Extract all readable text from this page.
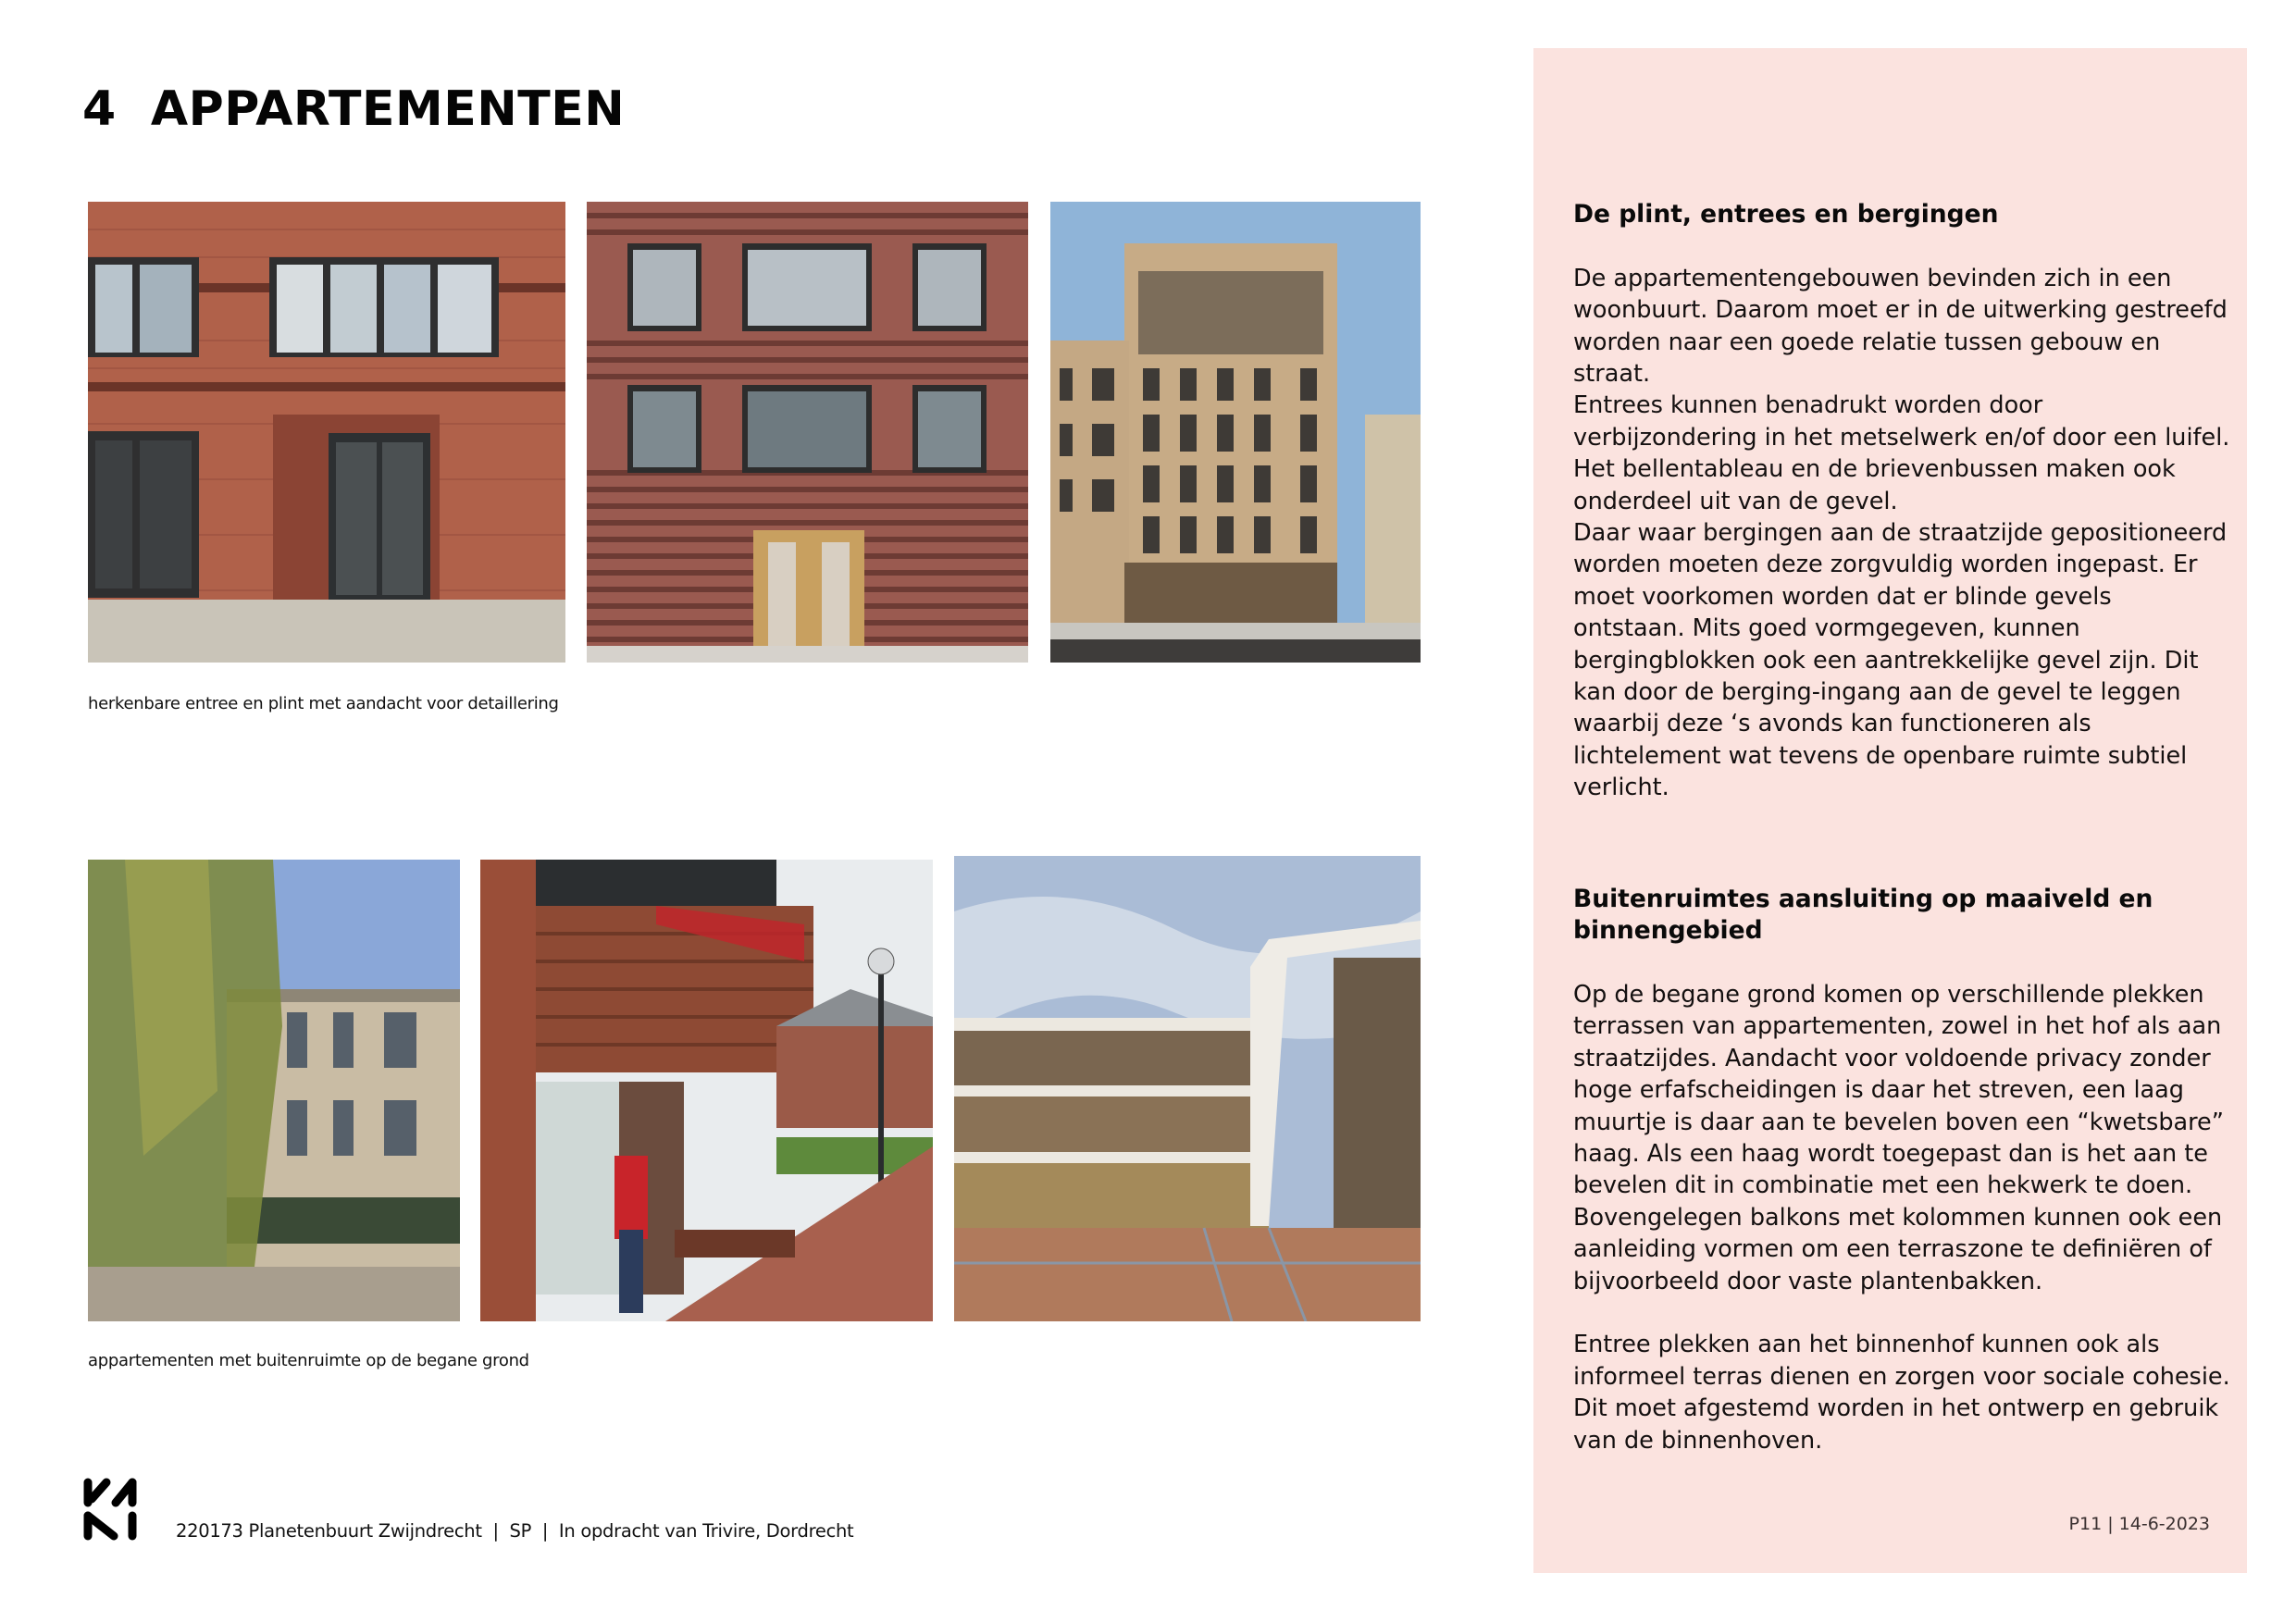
4  APPARTEMENTEN
herkenbare entree en plint met aandacht voor detaillering
appartementen met buitenruimte op de begane grond
De plint, entrees en bergingen

De appartementengebouwen bevinden zich in een woonbuurt. Daarom moet er in de uitwerking gestreefd worden naar een goede relatie tussen gebouw en straat.

Entrees kunnen benadrukt worden door verbijzondering in het metselwerk en/of door een luifel. Het bellentableau en de brievenbussen maken ook onderdeel uit van de gevel.

Daar waar bergingen aan de straatzijde gepositioneerd worden moeten deze zorgvuldig worden ingepast. Er moet voorkomen worden dat er blinde gevels ontstaan. Mits goed vormgegeven, kunnen bergingblokken ook een aantrekkelijke gevel zijn. Dit kan door de berging-ingang aan de gevel te leggen waarbij deze ‘s avonds kan functioneren als lichtelement wat tevens de openbare ruimte subtiel verlicht.

Buitenruimtes aansluiting op maaiveld en binnengebied

Op de begane grond komen op verschillende plekken terrassen van appartementen, zowel in het hof als aan straatzijdes. Aandacht voor voldoende privacy zonder hoge erfafscheidingen is daar het streven, een laag muurtje is daar aan te bevelen boven een “kwetsbare” haag. Als een haag wordt toegepast dan is het aan te bevelen dit in combinatie met een hekwerk te doen. Bovengelegen balkons met kolommen kunnen ook een aanleiding vormen om een terraszone te definiëren of bijvoorbeeld door vaste plantenbakken.

Entree plekken aan het binnenhof kunnen ook als informeel terras dienen en zorgen voor sociale cohesie. Dit moet afgestemd worden in het ontwerp en gebruik van de binnenhoven.

P11 | 14-6-2023
220173 Planetenbuurt Zwijndrecht  |  SP  |  In opdracht van Trivire, Dordrecht
